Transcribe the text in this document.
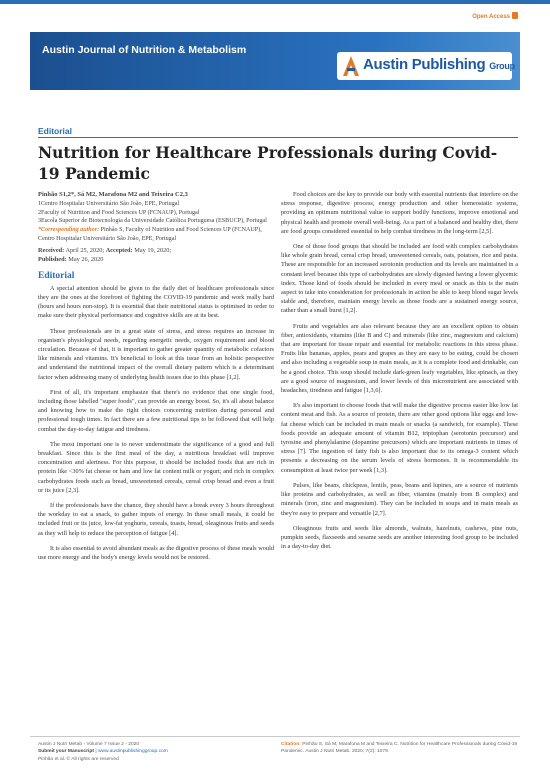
Open Access
Austin Journal of Nutrition & Metabolism
Austin Publishing Group
Editorial
Nutrition for Healthcare Professionals during Covid-19 Pandemic
Pinhão S1,2*, Sá M2, Marafona M2 and Teixeira C2,3
1Centro Hospitalar Universitário São João, EPE, Portugal
2Faculty of Nutrition and Food Sciences UP (FCNAUP), Portugal
3Escola Superior de Biotecnologia da Universidade Católica Portuguesa (ESBUCP), Portugal
*Corresponding author: Pinhão S, Faculty of Nutrition and Food Sciences UP (FCNAUP), Centro Hospitalar Universitário São João, EPE, Portugal
Received: April 25, 2020; Accepted: May 19, 2020;
Published: May 26, 2020
Editorial

A special attention should be given to the daily diet of healthcare professionals since they are the ones at the forefront of fighting the COVID-19 pandemic and work really hard (hours and hours non-stop). It is essential that their nutritional status is optimised in order to make sure their physical performance and cognitive skills are at its best.

Those professionals are in a great state of stress, and stress requires an increase in organism's physiological needs, regarding energetic needs, oxygen requirement and blood circulation. Because of that, it is important to gather greater quantity of metabolic cofactors like minerals and vitamins. It's beneficial to look at this issue from an holistic perspective and understand the nutritional impact of the overall dietary pattern which is a determinant factor when addressing many of underlying health issues due to this phase [1,2].

First of all, it's important emphasize that there's no evidence that one single food, including those labelled "super foods", can provide an energy boost. So, it's all about balance and knowing how to make the right choices concerning nutrition during personal and professional tough times. In fact there are a few nutritional tips to be followed that will help combat the day-to-day fatigue and tiredness.

The most important one is to never underestimate the significance of a good and full breakfast. Since this is the first meal of the day, a nutritious breakfast will improve concentration and alertness. For this purpose, it should be included foods that are rich in protein like <30% fat cheese or ham and low fat content milk or yogurt; and rich in complex carbohydrates foods such as bread, unsweetened cereals, cereal crisp bread and even a fruit or its juice [2,3].

If the professionals have the chance, they should have a break every 3 hours throughout the workday to eat a snack, to gather inputs of energy. In these small meals, it could be included fruit or its juice, low-fat yoghurts, cereals, toasts, bread, oleaginous fruits and seeds as they will help to reduce the perception of fatigue [4].

It is also essential to avoid abundant meals as the digestive process of these meals would use more energy and the body's energy levels would not be restored.

Food choices are the key to provide our body with essential nutrients that interfere on the stress response, digestive process, energy production and other homeostatic systems, providing an optimum nutritional value to support bodily functions, improve emotional and physical health and promote overall well-being. As a part of a balanced and healthy diet, there are food groups considered essential to help combat tiredness in the long-term [2,5].

One of those food groups that should be included are food with complex carbohydrates like whole grain bread, cereal crisp bread, unsweetened cereals, oats, potatoes, rice and pasta. These are responsible for an increased serotonin production and its levels are maintained in a constant level because this type of carbohydrates are slowly digested having a lower glycemic index. Those kind of foods should be included in every meal or snack as this is the main aspect to take into consideration for professionals in action be able to keep blood sugar levels stable and, therefore, maintain energy levels as those foods are a sustained energy source, rather than a small burst [1,2].

Fruits and vegetables are also relevant because they are an excellent option to obtain fiber, antioxidants, vitamins (like B and C) and minerals (like zinc, magnesium and calcium) that are important for tissue repair and essential for metabolic reactions in this stress phase. Fruits like bananas, apples, pears and grapes as they are easy to be eating, could be chosen and also including a vegetable soup in main meals, as it is a complete food and drinkable, can be a good choice. This soup should include dark-green leafy vegetables, like spinach, as they are a good source of magnesium, and lower levels of this micronutrient are associated with headaches, tiredness and fatigue [1,3,6].

It's also important to choose foods that will make the digestive process easier like low fat content meat and fish. As a source of protein, there are other good options like eggs and low-fat cheese which can be included in main meals or snacks (a sandwich, for example). These foods provide an adequate amount of vitamin B12, triptophan (serotonin precursor) and tyrosine and phenylalanine (dopamine precursors) which are important nutrients in times of stress [7]. The ingestion of fatty fish is also important due to its omega-3 content which presents a decreasing on the serum levels of stress hormones. It is recommendable its consumption at least twice per week [1,3].

Pulses, like beans, chickpeas, lentils, peas, beans and lupines, are a source of nutrients like proteins and carbohydrates, as well as fiber, vitamins (mainly from B complex) and minerals (iron, zinc and magnesium). They can be included in soups and in main meals as they're easy to prepare and versatile [2,7].

Oleaginous fruits and seeds like almonds, walnuts, hazelnuts, cashews, pine nuts, pumpkin seeds, flaxseeds and sesame seeds are another interesting food group to be included in a day-to-day diet.

Austin J Nutri Metab - Volume 7 Issue 2 - 2020
Submit your Manuscript | www.austinpublishinggroup.com
Pinhão et al. © All rights are reserved
Citation: Pinhão S, Sá M, Marafona M and Teixeira C. Nutrition for Healthcare Professionals during Covid-19 Pandemic. Austin J Nutri Metab. 2020; 7(2): 1079.
